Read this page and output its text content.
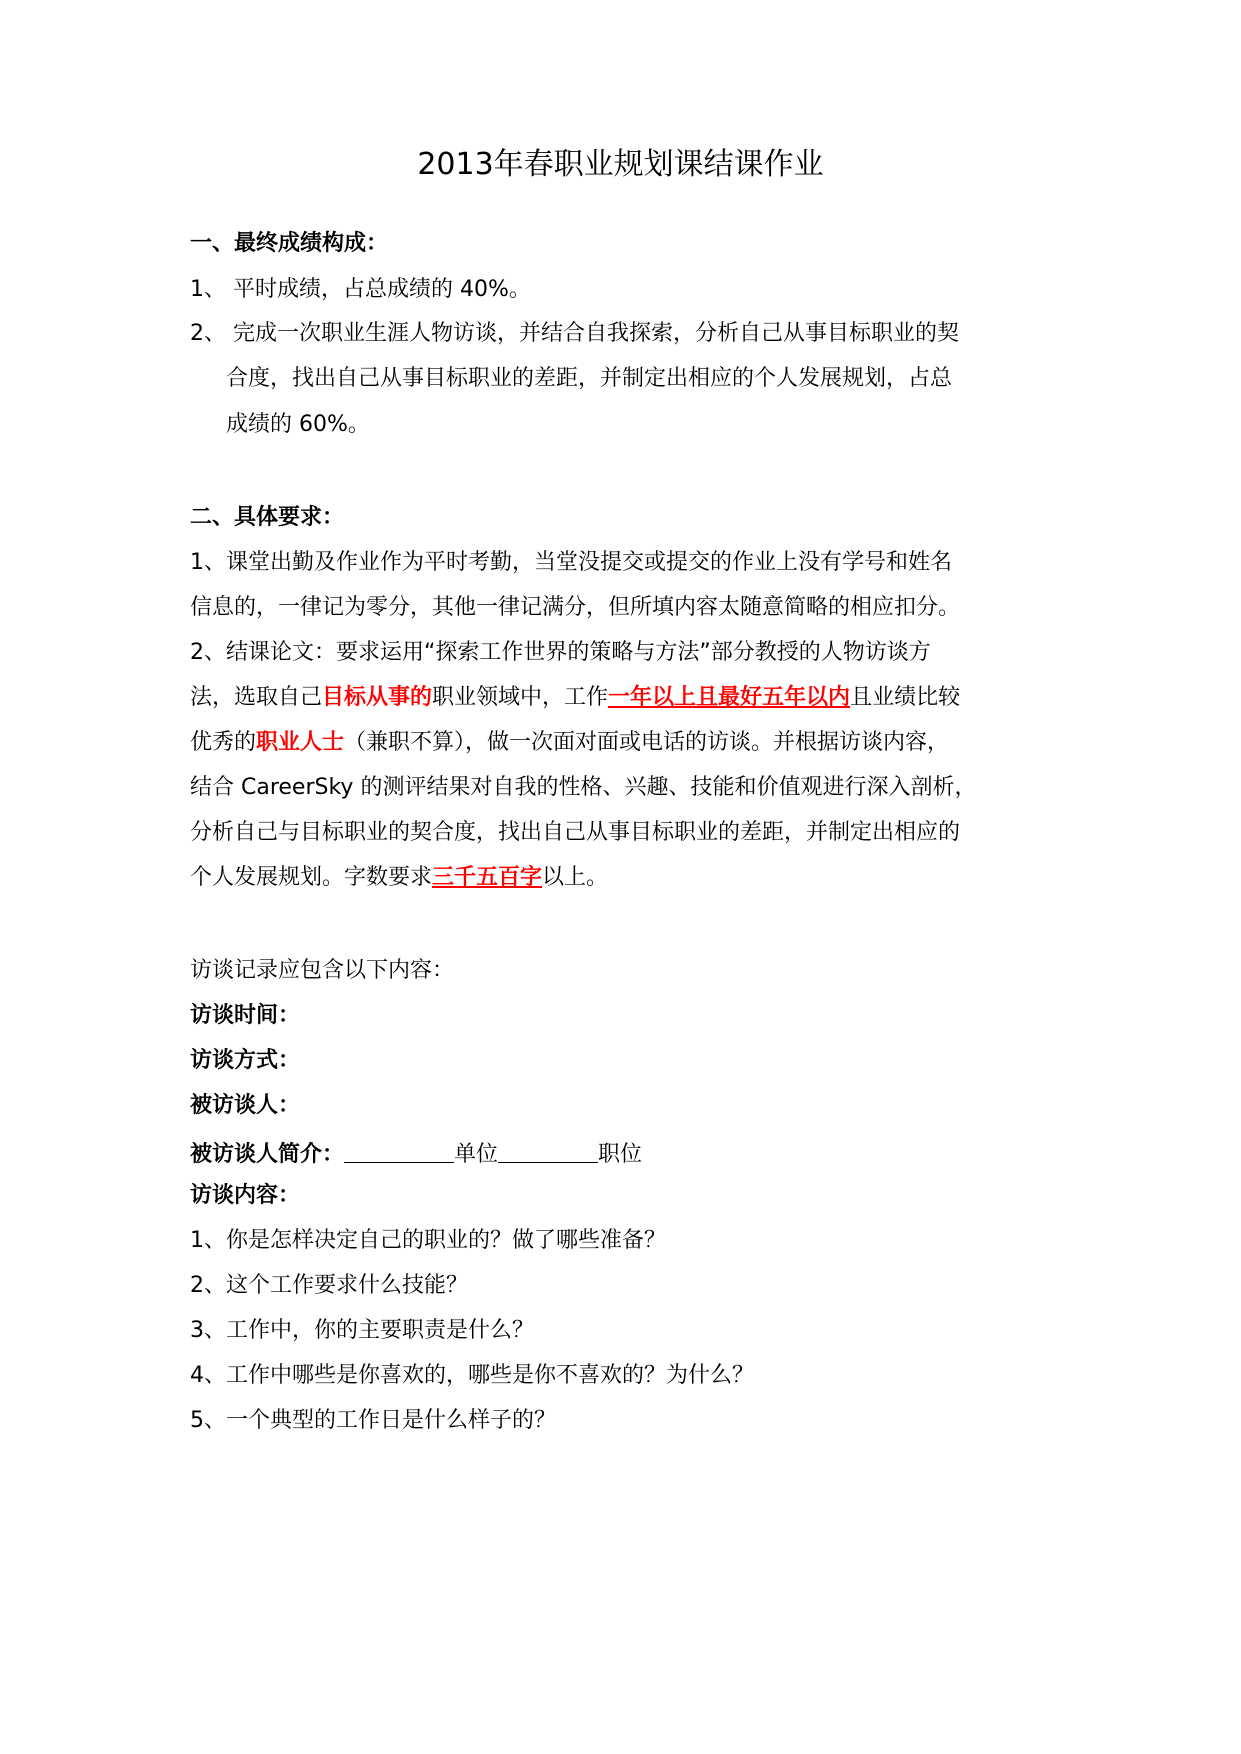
2013年春职业规划课结课作业
一、最终成绩构成：
1、 平时成绩，占总成绩的 40%。
2、 完成一次职业生涯人物访谈，并结合自我探索，分析自己从事目标职业的契
合度，找出自己从事目标职业的差距，并制定出相应的个人发展规划，占总
成绩的 60%。
二、具体要求：
1、课堂出勤及作业作为平时考勤，当堂没提交或提交的作业上没有学号和姓名
信息的，一律记为零分，其他一律记满分，但所填内容太随意简略的相应扣分。
2、结课论文：要求运用“探索工作世界的策略与方法”部分教授的人物访谈方
法，选取自己目标从事的职业领域中，工作一年以上且最好五年以内且业绩比较
优秀的职业人士（兼职不算），做一次面对面或电话的访谈。并根据访谈内容，
结合 CareerSky 的测评结果对自我的性格、兴趣、技能和价值观进行深入剖析，
分析自己与目标职业的契合度，找出自己从事目标职业的差距，并制定出相应的
个人发展规划。字数要求三千五百字以上。
访谈记录应包含以下内容：
访谈时间：
访谈方式：
被访谈人：
被访谈人简介：	单位	职位
访谈内容：
1、你是怎样决定自己的职业的？做了哪些准备？
2、这个工作要求什么技能？
3、工作中，你的主要职责是什么？
4、工作中哪些是你喜欢的，哪些是你不喜欢的？为什么？
5、一个典型的工作日是什么样子的？
